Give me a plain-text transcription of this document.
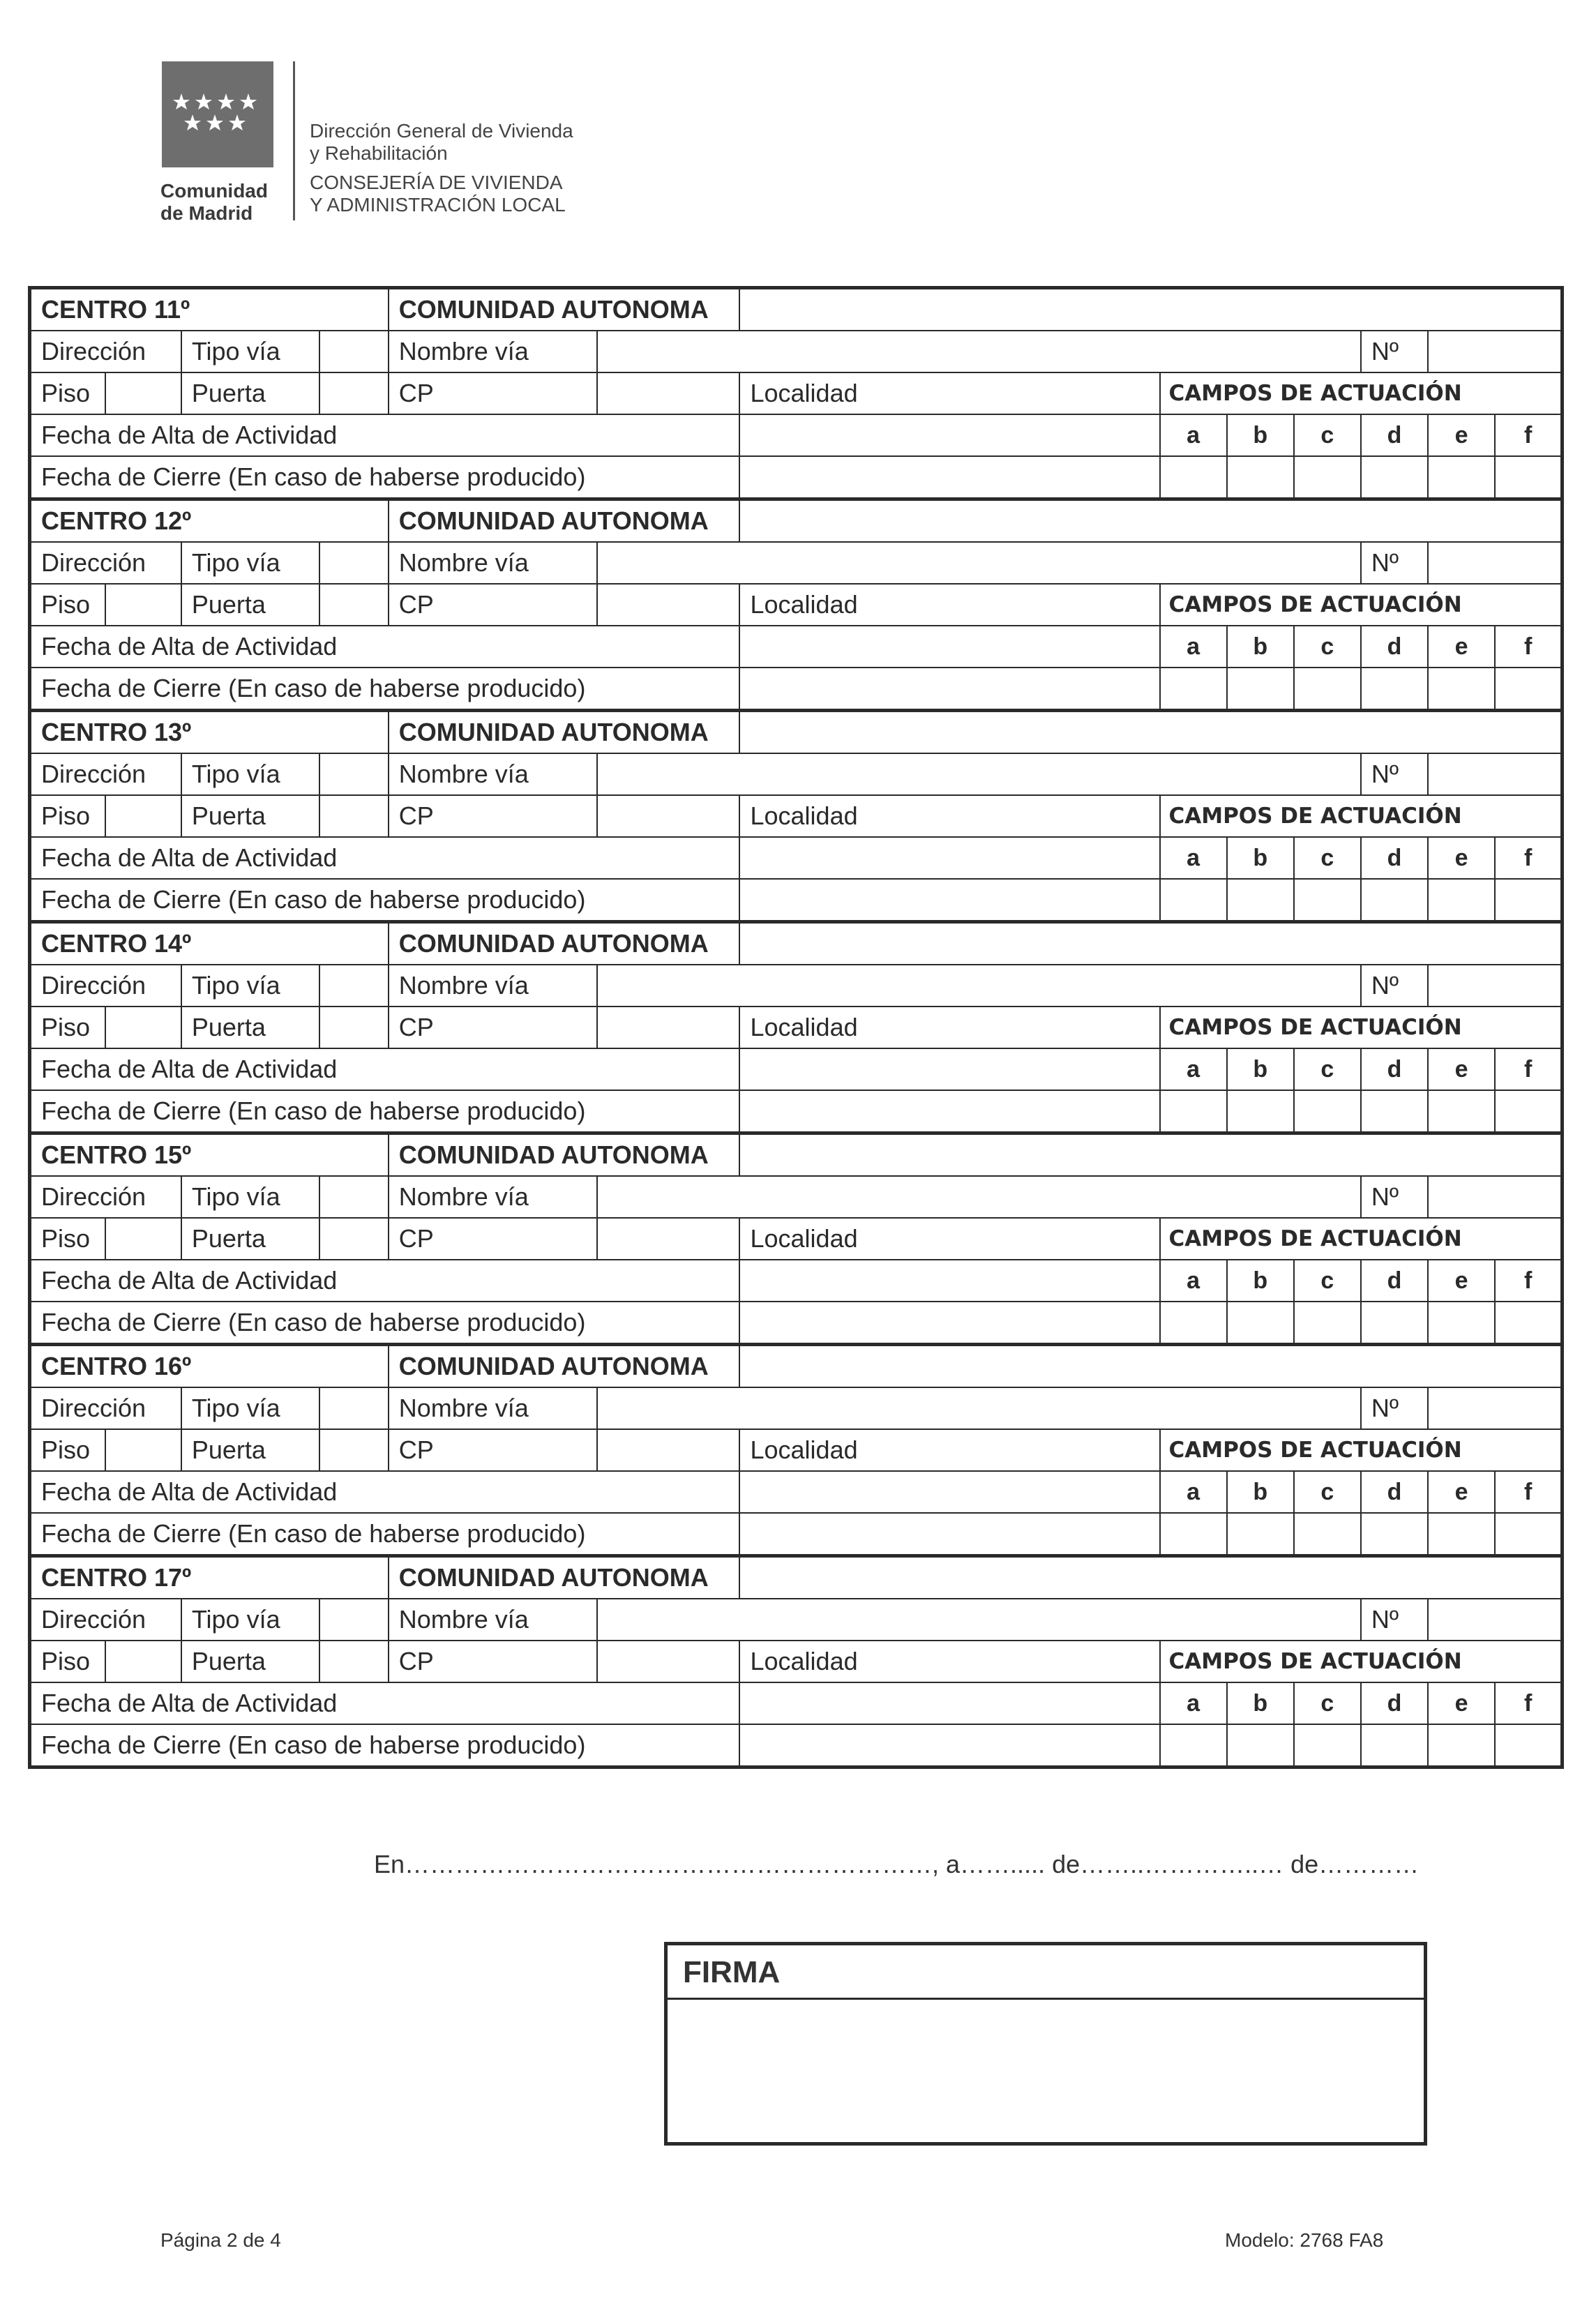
Comunidad
de Madrid
Dirección General de Vivienda
y Rehabilitación
CONSEJERÍA DE VIVIENDA
Y ADMINISTRACIÓN LOCAL
CENTRO 11º				COMUNIDAD AUTONOMA								
Dirección		Tipo vía		Nombre vía						Nº		
Piso		Puerta		CP		Localidad	CAMPOS DE ACTUACIÓN					
Fecha de Alta de Actividad							a	b	c	d	e	f
Fecha de Cierre (En caso de haberse producido)												
CENTRO 12º				COMUNIDAD AUTONOMA								
Dirección		Tipo vía		Nombre vía						Nº		
Piso		Puerta		CP		Localidad	CAMPOS DE ACTUACIÓN					
Fecha de Alta de Actividad							a	b	c	d	e	f
Fecha de Cierre (En caso de haberse producido)												
CENTRO 13º				COMUNIDAD AUTONOMA								
Dirección		Tipo vía		Nombre vía						Nº		
Piso		Puerta		CP		Localidad	CAMPOS DE ACTUACIÓN					
Fecha de Alta de Actividad							a	b	c	d	e	f
Fecha de Cierre (En caso de haberse producido)												
CENTRO 14º				COMUNIDAD AUTONOMA								
Dirección		Tipo vía		Nombre vía						Nº		
Piso		Puerta		CP		Localidad	CAMPOS DE ACTUACIÓN					
Fecha de Alta de Actividad							a	b	c	d	e	f
Fecha de Cierre (En caso de haberse producido)												
CENTRO 15º				COMUNIDAD AUTONOMA								
Dirección		Tipo vía		Nombre vía						Nº		
Piso		Puerta		CP		Localidad	CAMPOS DE ACTUACIÓN					
Fecha de Alta de Actividad							a	b	c	d	e	f
Fecha de Cierre (En caso de haberse producido)												
CENTRO 16º				COMUNIDAD AUTONOMA								
Dirección		Tipo vía		Nombre vía						Nº		
Piso		Puerta		CP		Localidad	CAMPOS DE ACTUACIÓN					
Fecha de Alta de Actividad							a	b	c	d	e	f
Fecha de Cierre (En caso de haberse producido)												
CENTRO 17º				COMUNIDAD AUTONOMA								
Dirección		Tipo vía		Nombre vía						Nº		
Piso		Puerta		CP		Localidad	CAMPOS DE ACTUACIÓN					
Fecha de Alta de Actividad							a	b	c	d	e	f
Fecha de Cierre (En caso de haberse producido)												
En………………………………………………………, a……..... de……..…………..… de…………
FIRMA
Página 2 de 4	Modelo: 2768 FA8
